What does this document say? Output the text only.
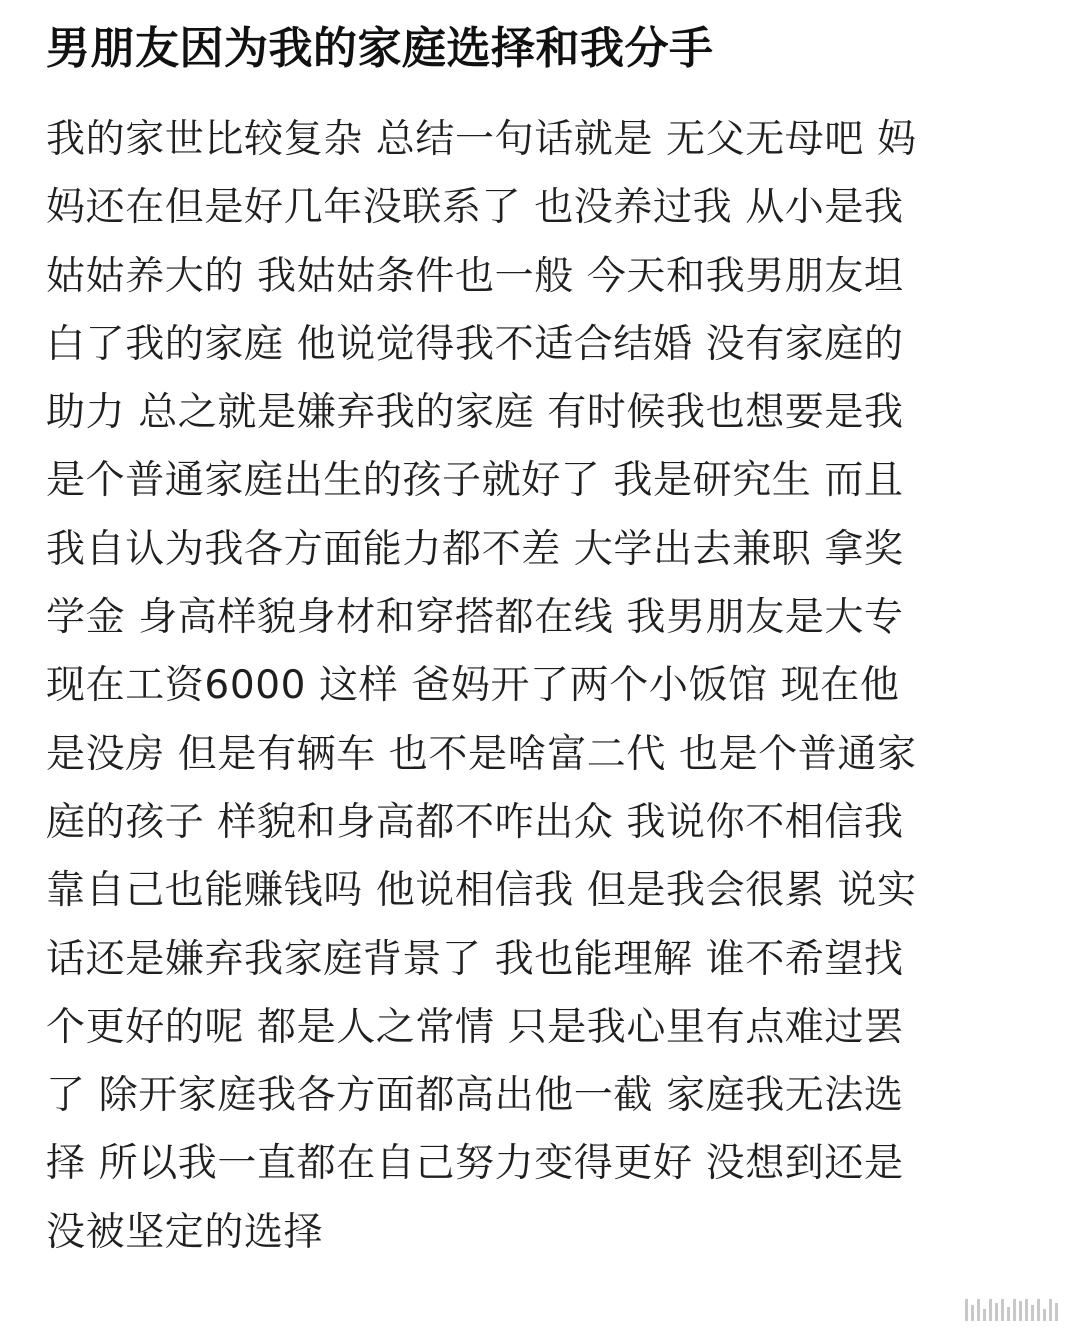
男朋友因为我的家庭选择和我分手
我的家世比较复杂 总结一句话就是 无父无母吧 妈
妈还在但是好几年没联系了 也没养过我 从小是我
姑姑养大的 我姑姑条件也一般 今天和我男朋友坦
白了我的家庭 他说觉得我不适合结婚 没有家庭的
助力 总之就是嫌弃我的家庭 有时候我也想要是我
是个普通家庭出生的孩子就好了 我是研究生 而且
我自认为我各方面能力都不差 大学出去兼职 拿奖
学金 身高样貌身材和穿搭都在线 我男朋友是大专
现在工资6000 这样 爸妈开了两个小饭馆 现在他
是没房 但是有辆车 也不是啥富二代 也是个普通家
庭的孩子 样貌和身高都不咋出众 我说你不相信我
靠自己也能赚钱吗 他说相信我 但是我会很累 说实
话还是嫌弃我家庭背景了 我也能理解 谁不希望找
个更好的呢 都是人之常情 只是我心里有点难过罢
了 除开家庭我各方面都高出他一截 家庭我无法选
择 所以我一直都在自己努力变得更好 没想到还是
没被坚定的选择
